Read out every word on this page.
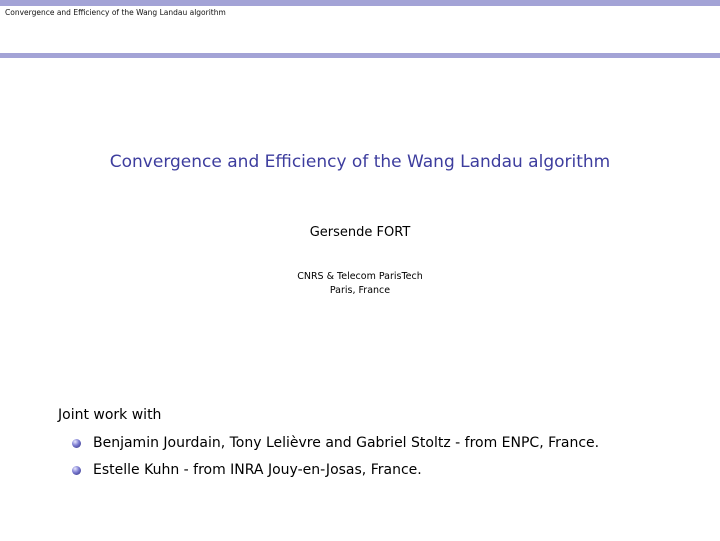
Convergence and Efficiency of the Wang Landau algorithm
Convergence and Efficiency of the Wang Landau algorithm
Gersende FORT
CNRS & Telecom ParisTech
Paris, France
Joint work with
Benjamin Jourdain, Tony Lelièvre and Gabriel Stoltz - from ENPC, France.
Estelle Kuhn - from INRA Jouy-en-Josas, France.
